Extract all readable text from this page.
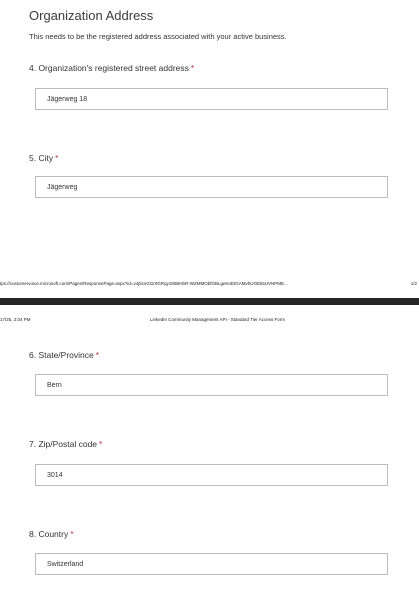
Organization Address
This needs to be the registered address associated with your active business.
4. Organization's registered street address *
Jägerweg 18
5. City *
Jägerweg
tps://customervoice.microsoft.com/Pages/ResponsePage.aspx?id=v4j5cvGGr0GRqy180BHbR-WZMMObfGBLgeKnEtGAMvhUOEk5UVNPME...	1/2
17/25, 2:04 PM	LinkedIn Community Management API - Standard Tier Access Form
6. State/Province *
Bern
7. Zip/Postal code *
3014
8. Country *
Switzerland
